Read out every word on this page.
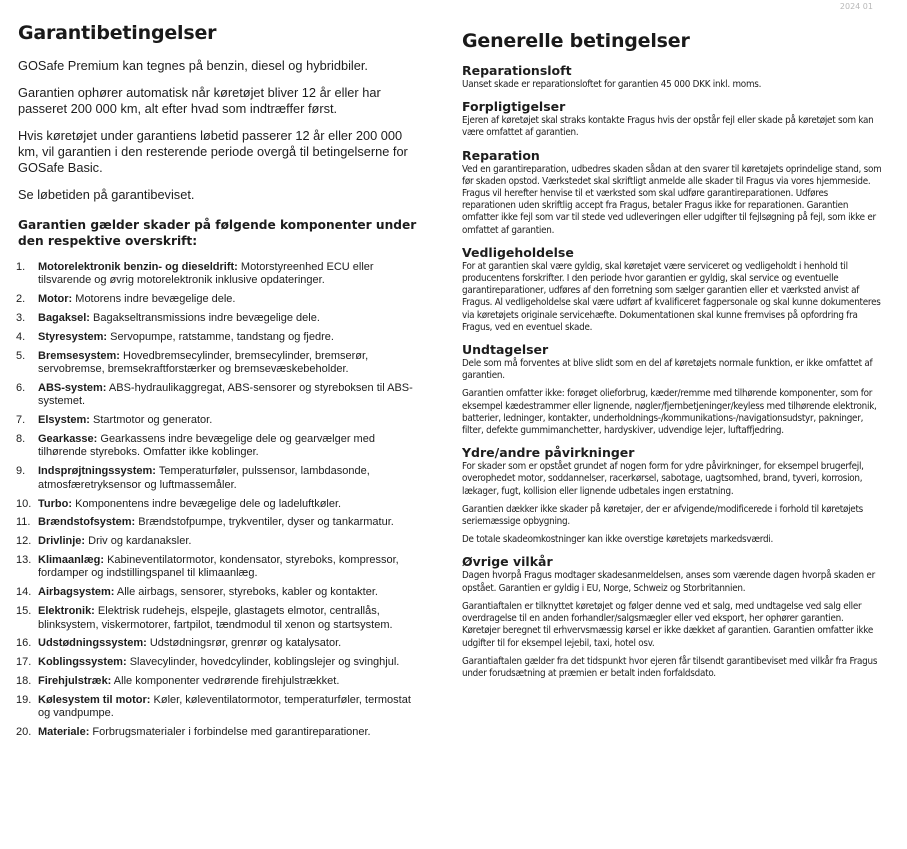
2024 01
Garantibetingelser

GOSafe Premium kan tegnes på benzin, diesel og hybridbiler.

Garantien ophører automatisk når køretøjet bliver 12 år eller har passeret 200 000 km, alt efter hvad som indtræffer først.

Hvis køretøjet under garantiens løbetid passerer 12 år eller 200 000 km, vil garantien i den resterende periode overgå til betingelserne for GOSafe Basic.

Se løbetiden på garantibeviset.

Garantien gælder skader på følgende komponenter under den respektive overskrift:
1. Motorelektronik benzin- og dieseldrift: Motorstyreenhed ECU eller tilsvarende og øvrig motorelektronik inklusive opdateringer.
2. Motor: Motorens indre bevægelige dele.
3. Bagaksel: Bagakseltransmissions indre bevægelige dele.
4. Styresystem: Servopumpe, ratstamme, tandstang og fjedre.
5. Bremsesystem: Hovedbremsecylinder, bremsecylinder, bremserør, servobremse, bremsekraftforstærker og bremsevæskebeholder.
6. ABS-system: ABS-hydraulikaggregat, ABS-sensorer og styreboksen til ABS-systemet.
7. Elsystem: Startmotor og generator.
8. Gearkasse: Gearkassens indre bevægelige dele og gearvælger med tilhørende styreboks. Omfatter ikke koblinger.
9. Indsprøjtningssystem: Temperaturføler, pulssensor, lambdasonde, atmosfæretryksensor og luftmassemåler.
10. Turbo: Komponentens indre bevægelige dele og ladeluftkøler.
11. Brændstofsystem: Brændstofpumpe, trykventiler, dyser og tankarmatur.
12. Drivlinje: Driv og kardanaksler.
13. Klimaanlæg: Kabineventilatormotor, kondensator, styreboks, kompressor, fordamper og indstillingspanel til klimaanlæg.
14. Airbagsystem: Alle airbags, sensorer, styreboks, kabler og kontakter.
15. Elektronik: Elektrisk rudehejs, elspejle, glastagets elmotor, centrallås, blinksystem, viskermotorer, fartpilot, tændmodul til xenon og startsystem.
16. Udstødningssystem: Udstødningsrør, grenrør og katalysator.
17. Koblingssystem: Slavecylinder, hovedcylinder, koblingslejer og svinghjul.
18. Firehjulstræk: Alle komponenter vedrørende firehjulstrækket.
19. Kølesystem til motor: Køler, køleventilatormotor, temperaturføler, termostat og vandpumpe.
20. Materiale: Forbrugsmaterialer i forbindelse med garantireparationer.
Generelle betingelser
Reparationsloft

Uanset skade er reparationsloftet for garantien 45 000 DKK inkl. moms.

Forpligtigelser

Ejeren af køretøjet skal straks kontakte Fragus hvis der opstår fejl eller skade på køretøjet som kan være omfattet af garantien.

Reparation

Ved en garantireparation, udbedres skaden sådan at den svarer til køretøjets oprindelige stand, som før skaden opstod. Værkstedet skal skriftligt anmelde alle skader til Fragus via vores hjemmeside. Fragus vil herefter henvise til et værksted som skal udføre garantireparationen. Udføres reparationen uden skriftlig accept fra Fragus, betaler Fragus ikke for reparationen. Garantien omfatter ikke fejl som var til stede ved udleveringen eller udgifter til fejlsøgning på fejl, som ikke er omfattet af garantien.

Vedligeholdelse

For at garantien skal være gyldig, skal køretøjet være serviceret og vedligeholdt i henhold til producentens forskrifter. I den periode hvor garantien er gyldig, skal service og eventuelle garantireparationer, udføres af den forretning som sælger garantien eller et værksted anvist af Fragus. Al vedligeholdelse skal være udført af kvalificeret fagpersonale og skal kunne dokumenteres via køretøjets originale servicehæfte. Dokumentationen skal kunne fremvises på opfordring fra Fragus, ved en eventuel skade.

Undtagelser

Dele som må forventes at blive slidt som en del af køretøjets normale funktion, er ikke omfattet af garantien.

Garantien omfatter ikke: forøget olieforbrug, kæder/remme med tilhørende komponenter, som for eksempel kædestrammer eller lignende, nøgler/fjernbetjeninger/keyless med tilhørende elektronik, batterier, ledninger, kontakter, underholdnings-/kommunikations-/navigationsudstyr, pakninger, filter, defekte gummimanchetter, hardyskiver, udvendige lejer, luftaffjedring.

Ydre/andre påvirkninger

For skader som er opstået grundet af nogen form for ydre påvirkninger, for eksempel brugerfejl, overophedet motor, soddannelser, racerkørsel, sabotage, uagtsomhed, brand, tyveri, korrosion, lækager, fugt, kollision eller lignende udbetales ingen erstatning.

Garantien dækker ikke skader på køretøjer, der er afvigende/modificerede i forhold til køretøjets seriemæssige opbygning.

De totale skadeomkostninger kan ikke overstige køretøjets markedsværdi.

Øvrige vilkår

Dagen hvorpå Fragus modtager skadesanmeldelsen, anses som værende dagen hvorpå skaden er opstået. Garantien er gyldig i EU, Norge, Schweiz og Storbritannien.

Garantiaftalen er tilknyttet køretøjet og følger denne ved et salg, med undtagelse ved salg eller overdragelse til en anden forhandler/salgsmægler eller ved eksport, her ophører garantien. Køretøjer beregnet til erhvervsmæssig kørsel er ikke dækket af garantien. Garantien omfatter ikke udgifter til for eksempel lejebil, taxi, hotel osv.

Garantiaftalen gælder fra det tidspunkt hvor ejeren får tilsendt garantibeviset med vilkår fra Fragus under forudsætning at præmien er betalt inden forfaldsdato.
